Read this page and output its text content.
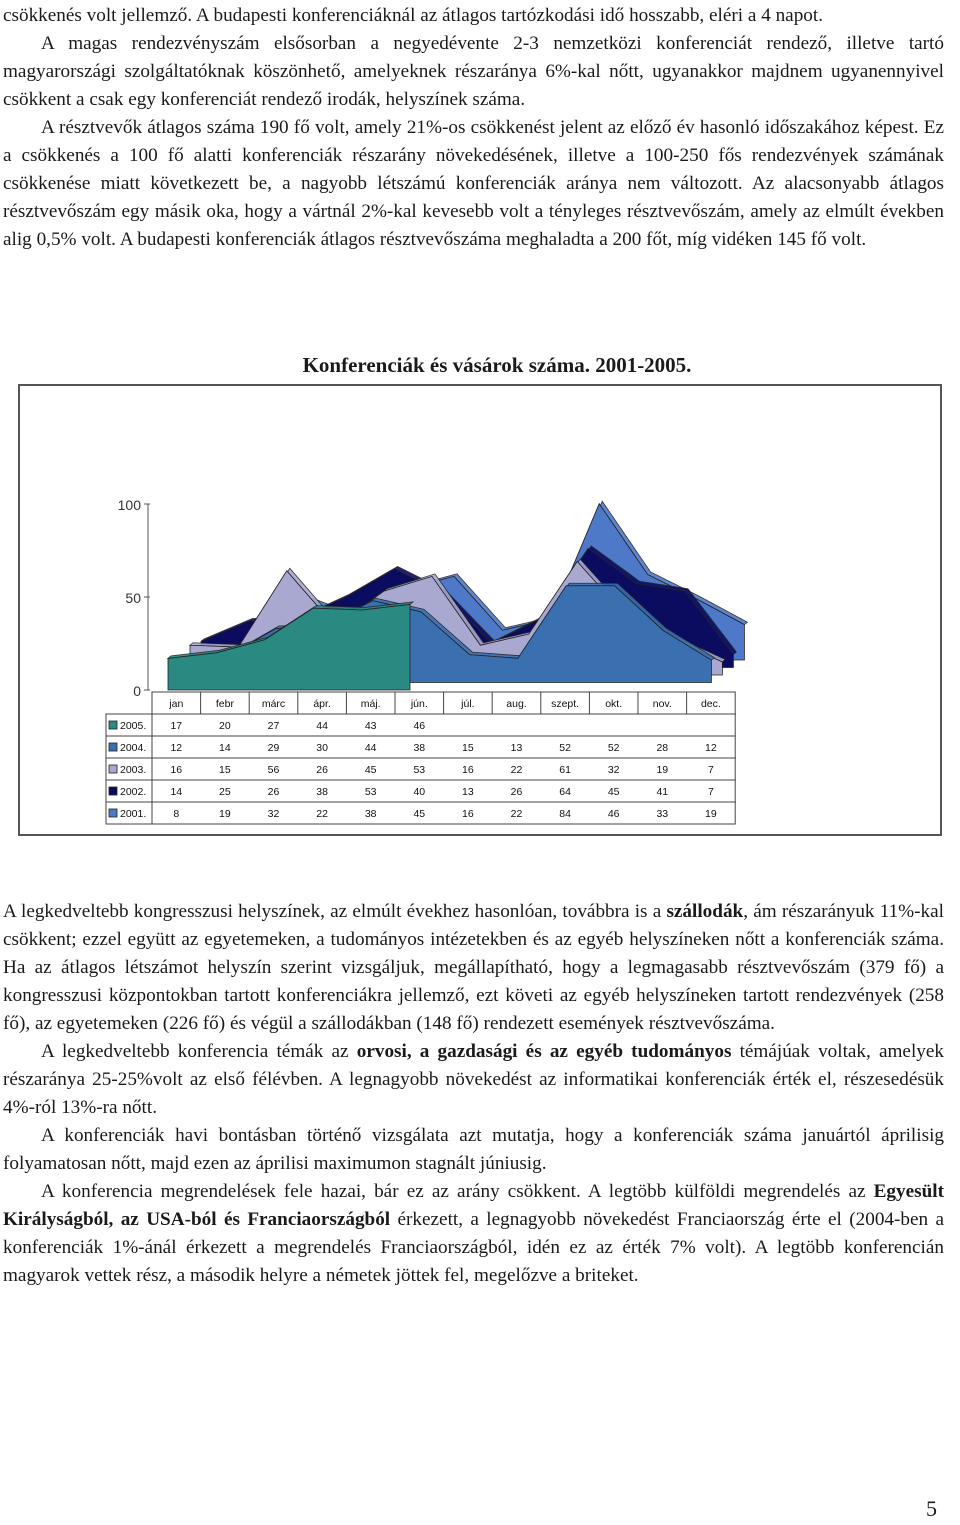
csökkenés volt jellemző. A budapesti konferenciáknál az átlagos tartózkodási idő hosszabb, eléri a 4 napot.

A magas rendezvényszám elsősorban a negyedévente 2-3 nemzetközi konferenciát rendező, illetve tartó magyarországi szolgáltatóknak köszönhető, amelyeknek részaránya 6%-kal nőtt, ugyanakkor majdnem ugyanennyivel csökkent a csak egy konferenciát rendező irodák, helyszínek száma.

A résztvevők átlagos száma 190 fő volt, amely 21%-os csökkenést jelent az előző év hasonló időszakához képest. Ez a csökkenés a 100 fő alatti konferenciák részarány növekedésének, illetve a 100-250 fős rendezvények számának csökkenése miatt következett be, a nagyobb létszámú konferenciák aránya nem változott. Az alacsonyabb átlagos résztvevőszám egy másik oka, hogy a vártnál 2%-kal kevesebb volt a tényleges résztvevőszám, amely az elmúlt években alig 0,5% volt. A budapesti konferenciák átlagos résztvevőszáma meghaladta a 200 főt, míg vidéken 145 fő volt.

Konferenciák és vásárok száma. 2001-2005.
0
50
100
jan	febr	márc	ápr.	máj.	jún.	júl.	aug. szept. okt.	nov.	dec.
2005. 17	20	27	44	43	46
2004. 12	14	29	30	44	38	15	13	52	52	28	12
2003. 16	15	56	26	45	53	16	22	61	32	19	7
2002. 14	25	26	38	53	40	13	26	64	45	41	7
2001.	8	19	32	22	38	45	16	22	84	46	33	19

A legkedveltebb kongresszusi helyszínek, az elmúlt évekhez hasonlóan, továbbra is a szállodák, ám részarányuk 11%-kal csökkent; ezzel együtt az egyetemeken, a tudományos intézetekben és az egyéb helyszíneken nőtt a konferenciák száma. Ha az átlagos létszámot helyszín szerint vizsgáljuk, megállapítható, hogy a legmagasabb résztvevőszám (379 fő) a kongresszusi központokban tartott konferenciákra jellemző, ezt követi az egyéb helyszíneken tartott rendezvények (258 fő), az egyetemeken (226 fő) és végül a szállodákban (148 fő) rendezett események résztvevőszáma.

A legkedveltebb konferencia témák az orvosi, a gazdasági és az egyéb tudományos témájúak voltak, amelyek részaránya 25-25%volt az első félévben. A legnagyobb növekedést az informatikai konferenciák érték el, részesedésük 4%-ról 13%-ra nőtt.

A konferenciák havi bontásban történő vizsgálata azt mutatja, hogy a konferenciák száma januártól áprilisig folyamatosan nőtt, majd ezen az áprilisi maximumon stagnált júniusig.

A konferencia megrendelések fele hazai, bár ez az arány csökkent. A legtöbb külföldi megrendelés az Egyesült Királyságból, az USA-ból és Franciaországból érkezett, a legnagyobb növekedést Franciaország érte el (2004-ben a konferenciák 1%-ánál érkezett a megrendelés Franciaországból, idén ez az érték 7% volt). A legtöbb konferencián magyarok vettek rész, a második helyre a németek jöttek fel, megelőzve a briteket.

5
